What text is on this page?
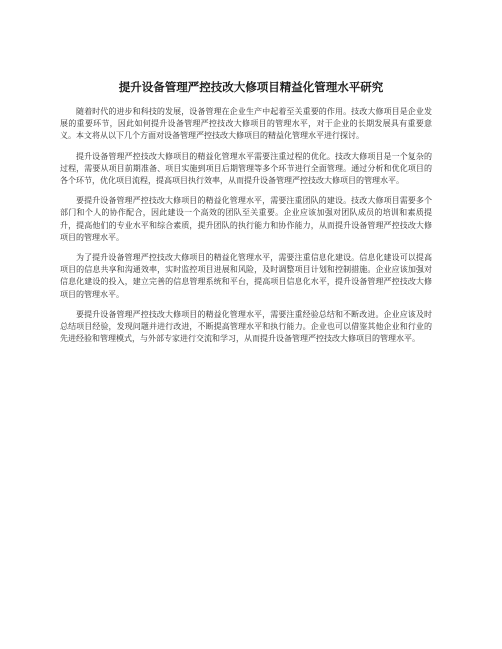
提升设备管理严控技改大修项目精益化管理水平研究

随着时代的进步和科技的发展，设备管理在企业生产中起着至关重要的作用。技改大修项目是企业发展的重要环节，因此如何提升设备管理严控技改大修项目的管理水平，对于企业的长期发展具有重要意义。本文将从以下几个方面对设备管理严控技改大修项目的精益化管理水平进行探讨。

提升设备管理严控技改大修项目的精益化管理水平需要注重过程的优化。技改大修项目是一个复杂的过程，需要从项目前期准备、项目实施到项目后期管理等多个环节进行全面管理。通过分析和优化项目的各个环节，优化项目流程，提高项目执行效率，从而提升设备管理严控技改大修项目的管理水平。

要提升设备管理严控技改大修项目的精益化管理水平，需要注重团队的建设。技改大修项目需要多个部门和个人的协作配合，因此建设一个高效的团队至关重要。企业应该加强对团队成员的培训和素质提升，提高他们的专业水平和综合素质，提升团队的执行能力和协作能力，从而提升设备管理严控技改大修项目的管理水平。

为了提升设备管理严控技改大修项目的精益化管理水平，需要注重信息化建设。信息化建设可以提高项目的信息共享和沟通效率，实时监控项目进展和风险，及时调整项目计划和控制措施。企业应该加强对信息化建设的投入，建立完善的信息管理系统和平台，提高项目信息化水平，提升设备管理严控技改大修项目的管理水平。

要提升设备管理严控技改大修项目的精益化管理水平，需要注重经验总结和不断改进。企业应该及时总结项目经验，发现问题并进行改进，不断提高管理水平和执行能力。企业也可以借鉴其他企业和行业的先进经验和管理模式，与外部专家进行交流和学习，从而提升设备管理严控技改大修项目的管理水平。
